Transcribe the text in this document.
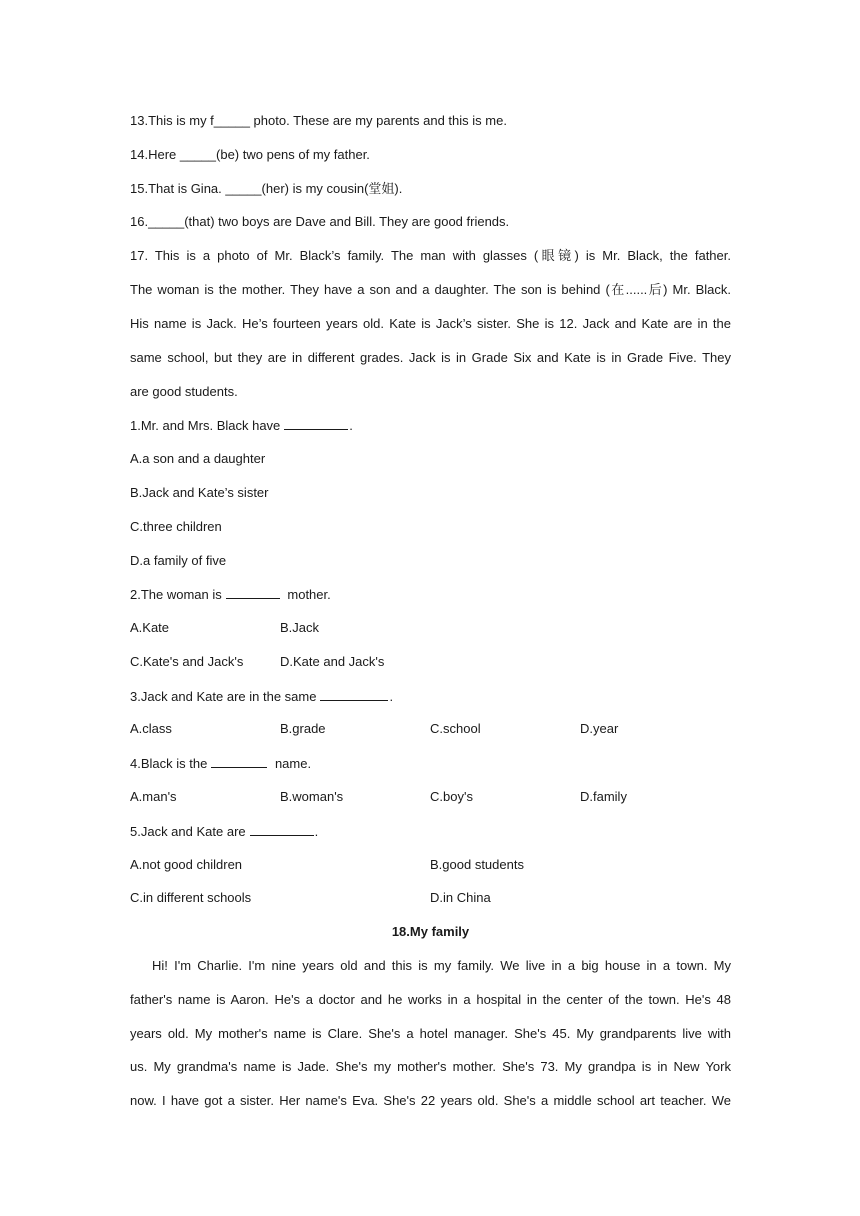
13.This is my f_____ photo. These are my parents and this is me.
14.Here _____(be) two pens of my father.
15.That is Gina. _____(her) is my cousin(堂姐).
16._____(that) two boys are Dave and Bill. They are good friends.
17. This is a photo of Mr. Black’s family. The man with glasses (眼镜) is Mr. Black, the father.
The woman is the mother. They have a son and a daughter. The son is behind (在......后) Mr. Black.
His name is Jack. He’s fourteen years old. Kate is Jack’s sister. She is 12. Jack and Kate are in the
same school, but they are in different grades. Jack is in Grade Six and Kate is in Grade Five. They
are good students.
1.Mr. and Mrs. Black have	.
A.a son and a daughter
B.Jack and Kate’s sister
C.three children
D.a family of five
2.The woman is	mother.
A.Kate	B.Jack
C.Kate's and Jack's	D.Kate and Jack's
3.Jack and Kate are in the same	.
A.class	B.grade	C.school	D.year
4.Black is the	name.
A.man's	B.woman's	C.boy's	D.family
5.Jack and Kate are	.
A.not good children	B.good students
C.in different schools	D.in China
18.My family
Hi! I'm Charlie. I'm nine years old and this is my family. We live in a big house in a town. My
father's name is Aaron. He's a doctor and he works in a hospital in the center of the town. He's 48
years old. My mother's name is Clare. She's a hotel manager. She's 45. My grandparents live with
us. My grandma's name is Jade. She's my mother's mother. She's 73. My grandpa is in New York
now. I have got a sister. Her name's Eva. She's 22 years old. She's a middle school art teacher. We
